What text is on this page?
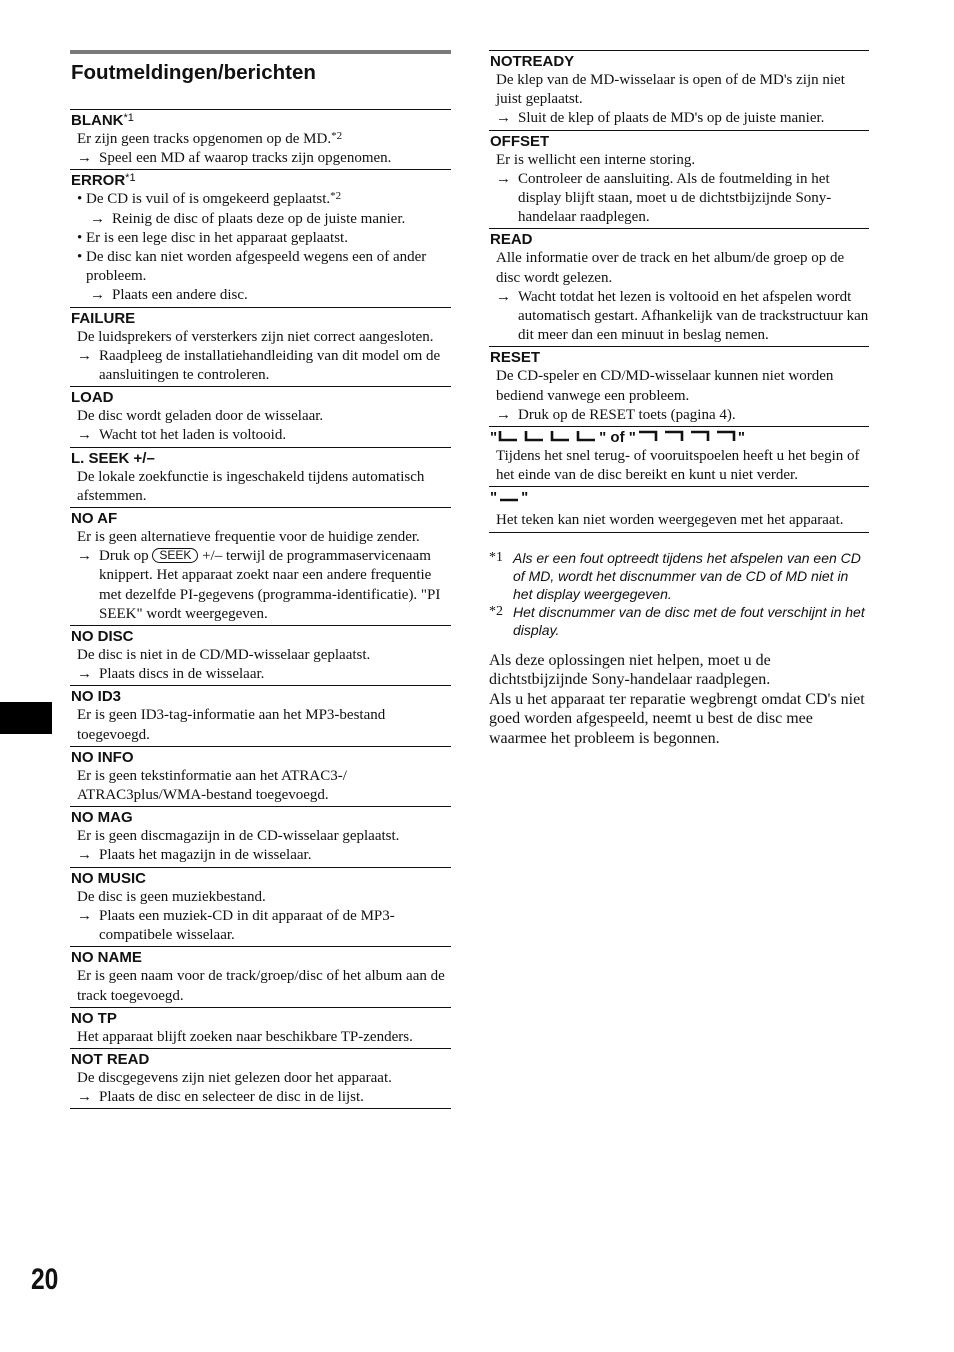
Foutmeldingen/berichten
BLANK$^{*1}$
Er zijn geen tracks opgenomen op de MD.$^{*2}$
→ Speel een MD af waarop tracks zijn opgenomen.
ERROR$^{*1}$
• De CD is vuil of is omgekeerd geplaatst.$^{*2}$
→ Reinig de disc of plaats deze op de juiste manier.
• Er is een lege disc in het apparaat geplaatst.
• De disc kan niet worden afgespeeld wegens een of ander probleem.
→ Plaats een andere disc.
FAILURE
De luidsprekers of versterkers zijn niet correct aangesloten.
→ Raadpleeg de installatiehandleiding van dit model om de aansluitingen te controleren.
LOAD
De disc wordt geladen door de wisselaar.
→ Wacht tot het laden is voltooid.
L. SEEK +/–
De lokale zoekfunctie is ingeschakeld tijdens automatisch afstemmen.
NO AF
Er is geen alternatieve frequentie voor de huidige zender.
→ Druk op SEEK +/– terwijl de programmaservicenaam knippert. Het apparaat zoekt naar een andere frequentie met dezelfde PI-gegevens (programma-identificatie). "PI SEEK" wordt weergegeven.
NO DISC
De disc is niet in de CD/MD-wisselaar geplaatst.
→ Plaats discs in de wisselaar.
NO ID3
Er is geen ID3-tag-informatie aan het MP3-bestand toegevoegd.
NO INFO
Er is geen tekstinformatie aan het ATRAC3-/ ATRAC3plus/WMA-bestand toegevoegd.
NO MAG
Er is geen discmagazijn in de CD-wisselaar geplaatst.
→ Plaats het magazijn in de wisselaar.
NO MUSIC
De disc is geen muziekbestand.
→ Plaats een muziek-CD in dit apparaat of de MP3-compatibele wisselaar.
NO NAME
Er is geen naam voor de track/groep/disc of het album aan de track toegevoegd.
NO TP
Het apparaat blijft zoeken naar beschikbare TP-zenders.
NOT READ
De discgegevens zijn niet gelezen door het apparaat.
→ Plaats de disc en selecteer de disc in de lijst.
NOTREADY
De klep van de MD-wisselaar is open of de MD's zijn niet juist geplaatst.
→ Sluit de klep of plaats de MD's op de juiste manier.
OFFSET
Er is wellicht een interne storing.
→ Controleer de aansluiting. Als de foutmelding in het display blijft staan, moet u de dichtstbijzijnde Sony-handelaar raadplegen.
READ
Alle informatie over de track en het album/de groep op de disc wordt gelezen.
→ Wacht totdat het lezen is voltooid en het afspelen wordt automatisch gestart. Afhankelijk van de trackstructuur kan dit meer dan een minuut in beslag nemen.
RESET
De CD-speler en CD/MD-wisselaar kunnen niet worden bediend vanwege een probleem.
→ Druk op de RESET toets (pagina 4).
"	" of "	"
Tijdens het snel terug- of vooruitspoelen heeft u het begin of het einde van de disc bereikt en kunt u niet verder.
" "
Het teken kan niet worden weergegeven met het apparaat.
*1 Als er een fout optreedt tijdens het afspelen van een CD of MD, wordt het discnummer van de CD of MD niet in het display weergegeven.
*2 Het discnummer van de disc met de fout verschijnt in het display.

Als deze oplossingen niet helpen, moet u de dichtstbijzijnde Sony-handelaar raadplegen.

Als u het apparaat ter reparatie wegbrengt omdat CD's niet goed worden afgespeeld, neemt u best de disc mee waarmee het probleem is begonnen.

20
